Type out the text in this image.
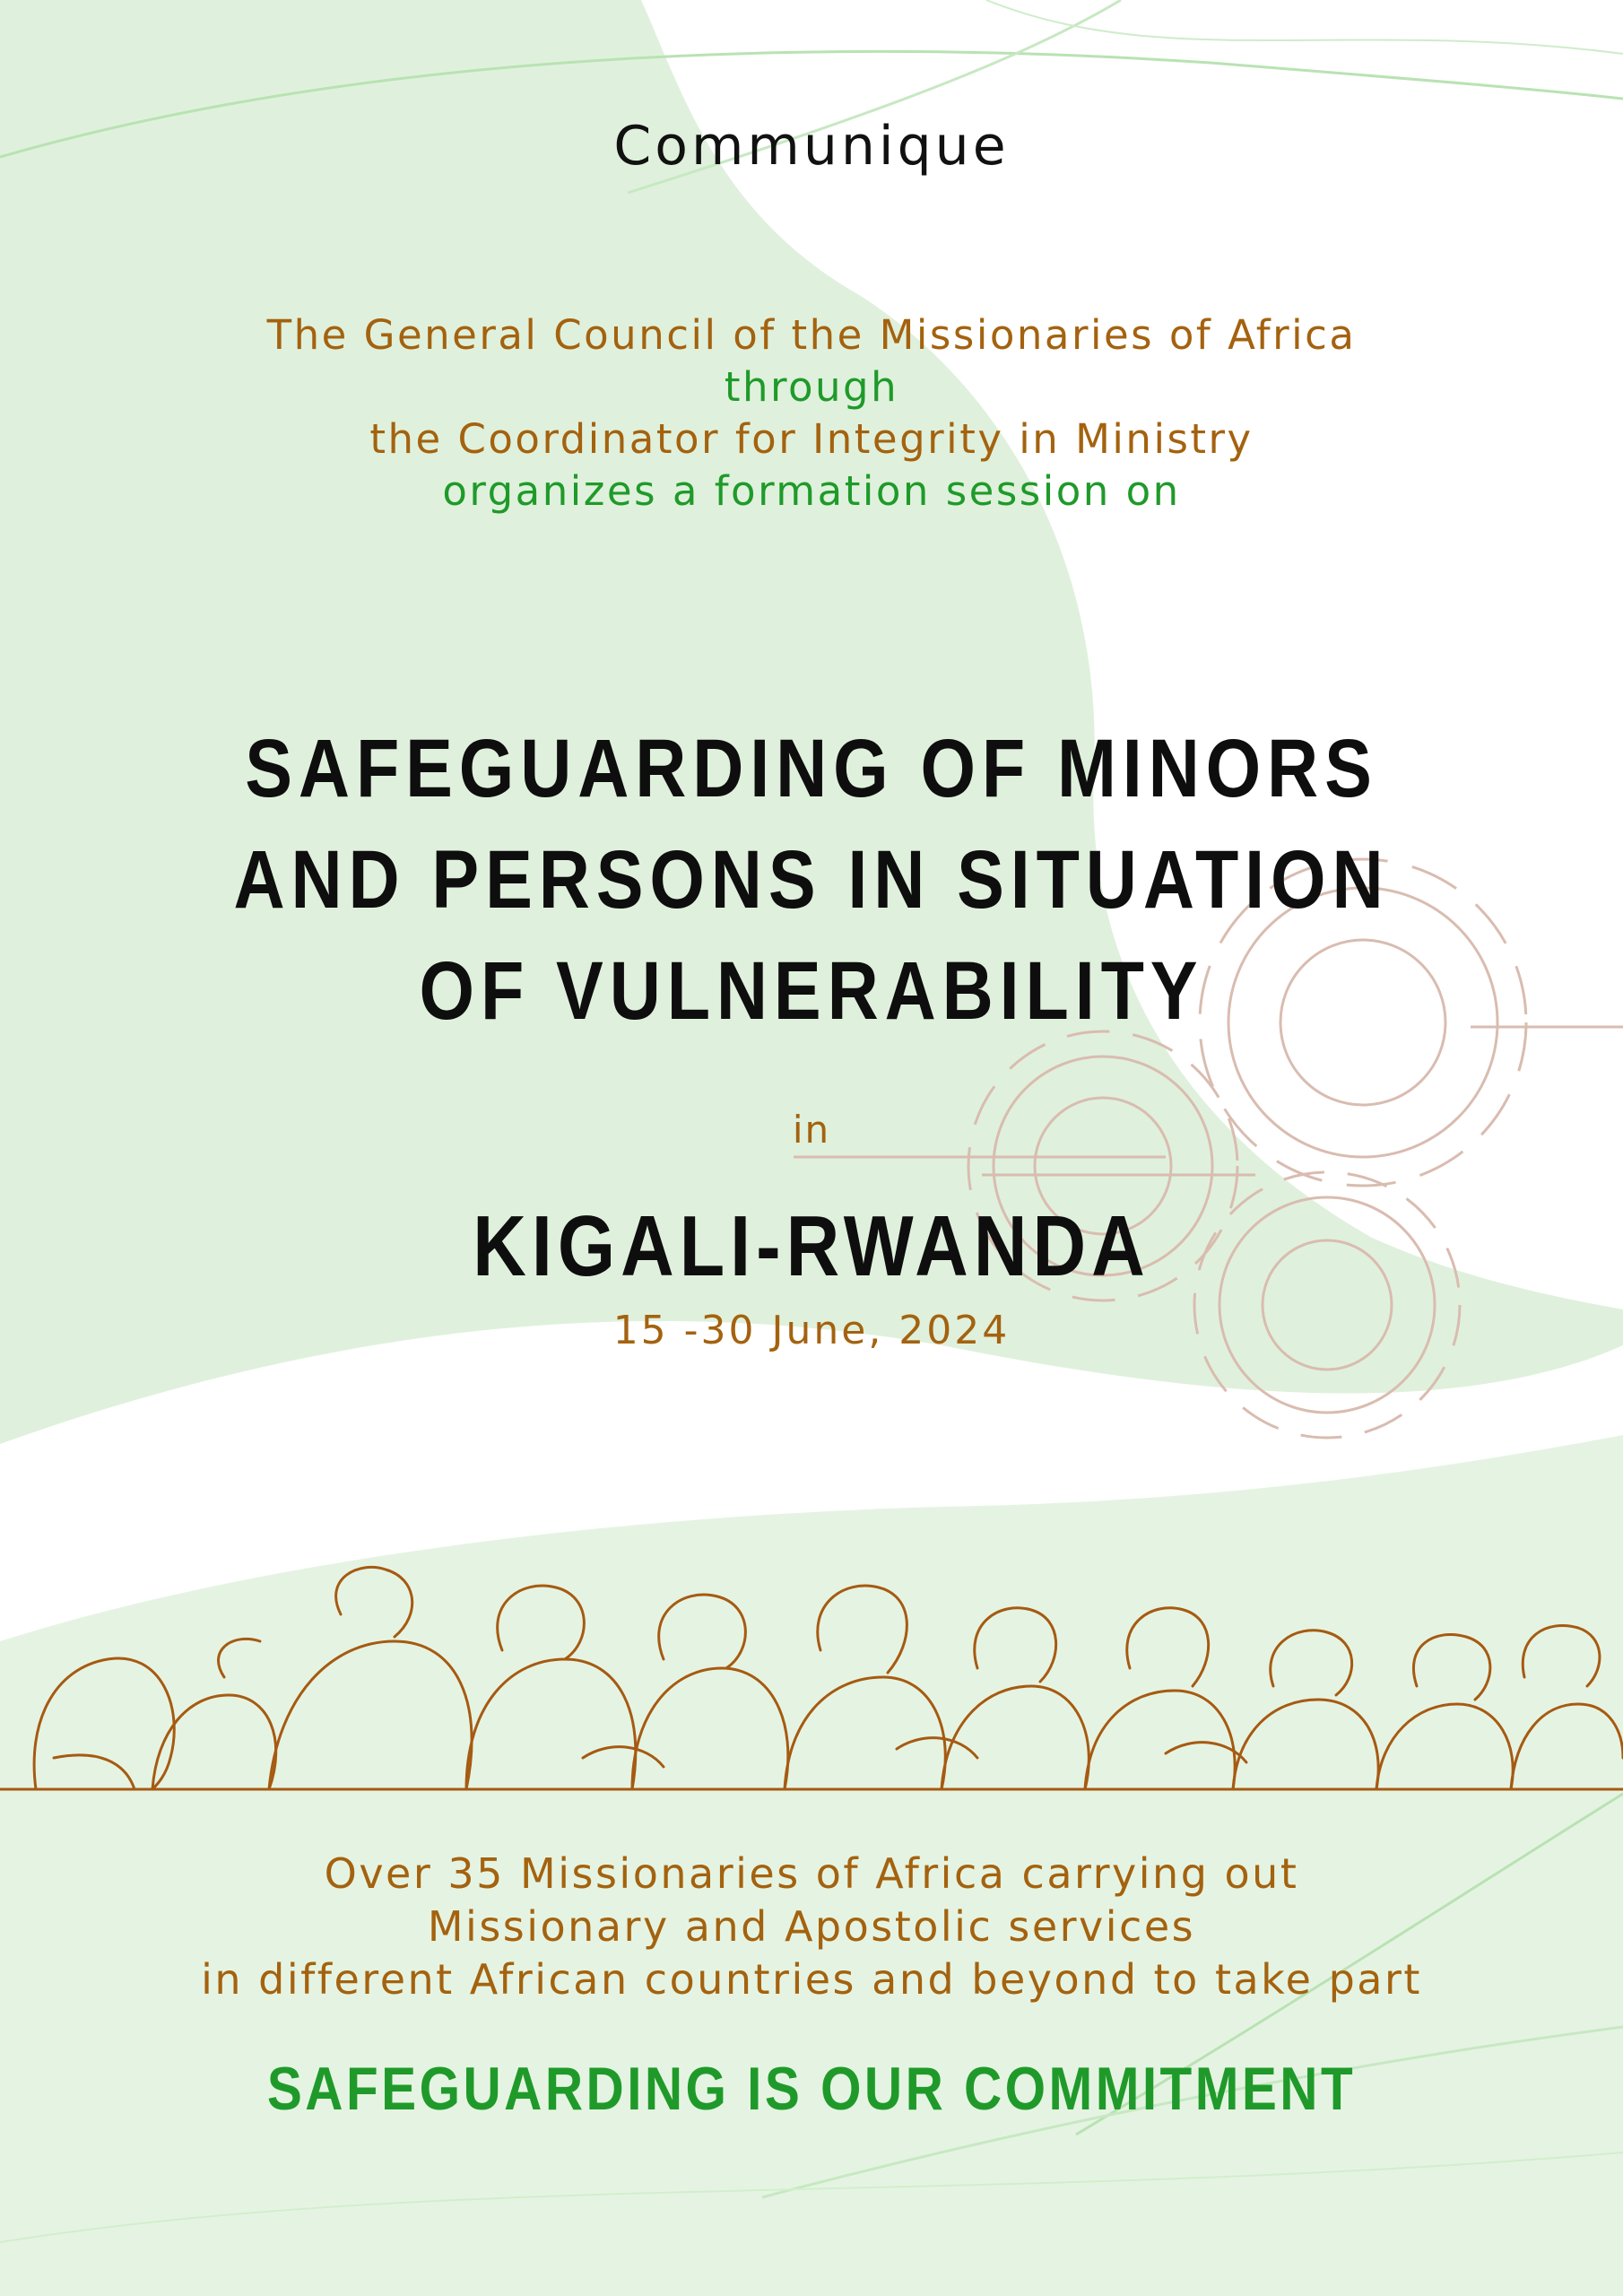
Communique
The General Council of the Missionaries of Africa
through
the Coordinator for Integrity in Ministry
organizes a formation session on
SAFEGUARDING OF MINORS
AND PERSONS IN SITUATION
OF VULNERABILITY
in
KIGALI-RWANDA
15 -30 June, 2024
Over 35 Missionaries of Africa carrying out
Missionary and Apostolic services
in different African countries and beyond to take part
SAFEGUARDING IS OUR COMMITMENT
